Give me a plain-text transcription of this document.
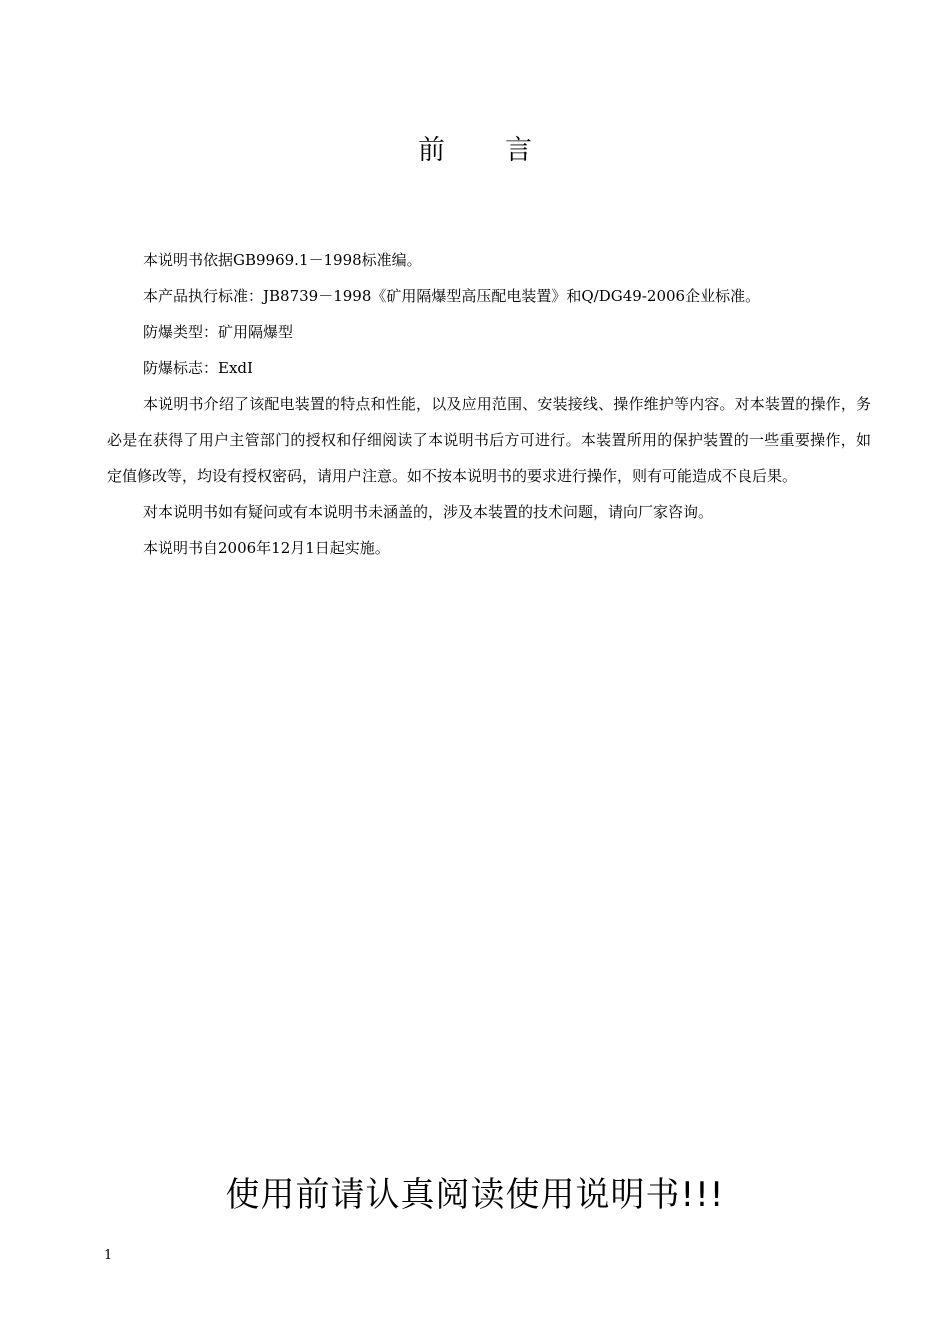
前 言

本说明书依据GB9969.1－1998标准编。

本产品执行标准：JB8739－1998《矿用隔爆型高压配电装置》和Q/DG49-2006企业标准。

防爆类型：矿用隔爆型

防爆标志：ExdI

本说明书介绍了该配电装置的特点和性能，以及应用范围、安装接线、操作维护等内容。对本装置的操作，务必是在获得了用户主管部门的授权和仔细阅读了本说明书后方可进行。本装置所用的保护装置的一些重要操作，如定值修改等，均设有授权密码，请用户注意。如不按本说明书的要求进行操作，则有可能造成不良后果。

对本说明书如有疑问或有本说明书未涵盖的，涉及本装置的技术问题，请向厂家咨询。

本说明书自2006年12月1日起实施。

使用前请认真阅读使用说明书!!!
1
